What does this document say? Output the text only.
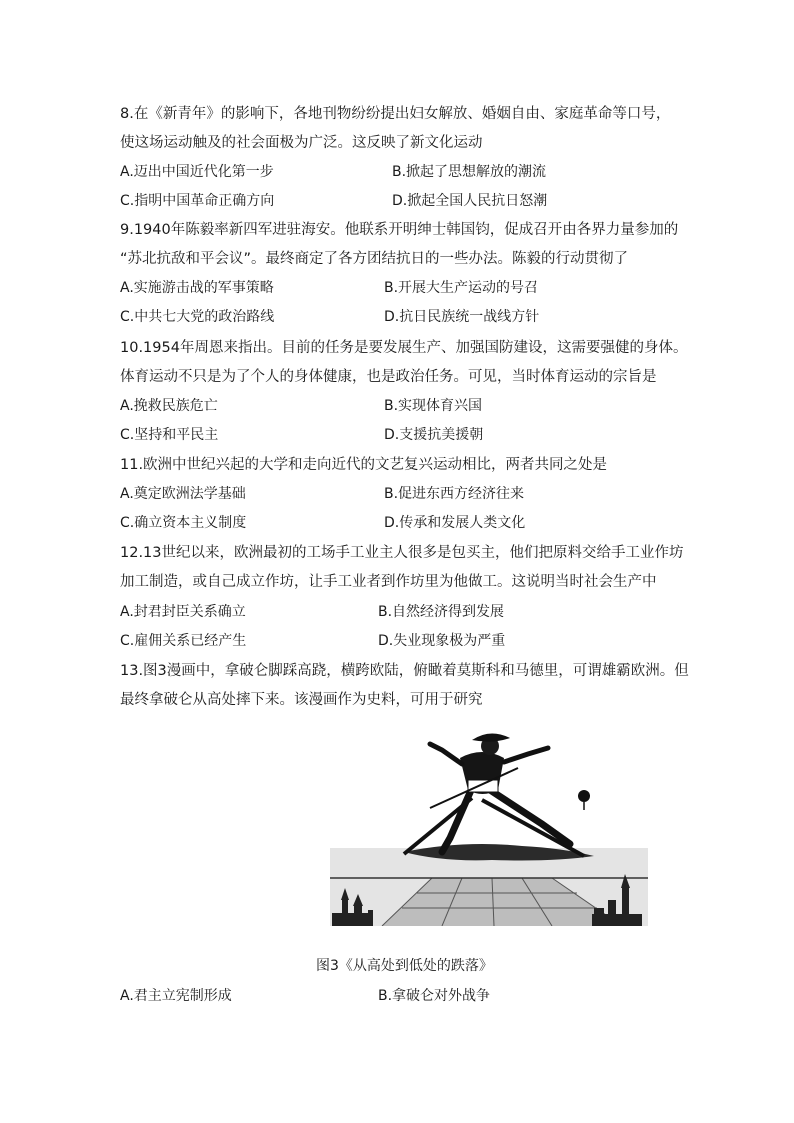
8.在《新青年》的影响下，各地刊物纷纷提出妇女解放、婚姻自由、家庭革命等口号，
使这场运动触及的社会面极为广泛。这反映了新文化运动
A.迈出中国近代化第一步	B.掀起了思想解放的潮流
C.指明中国革命正确方向	D.掀起全国人民抗日怒潮
9.1940年陈毅率新四军进驻海安。他联系开明绅士韩国钧，促成召开由各界力量参加的
“苏北抗敌和平会议”。最终商定了各方团结抗日的一些办法。陈毅的行动贯彻了
A.实施游击战的军事策略	B.开展大生产运动的号召
C.中共七大党的政治路线	D.抗日民族统一战线方针
10.1954年周恩来指出。目前的任务是要发展生产、加强国防建设，这需要强健的身体。
体育运动不只是为了个人的身体健康，也是政治任务。可见，当时体育运动的宗旨是
A.挽救民族危亡	B.实现体育兴国
C.坚持和平民主	D.支援抗美援朝
11.欧洲中世纪兴起的大学和走向近代的文艺复兴运动相比，两者共同之处是
A.奠定欧洲法学基础	B.促进东西方经济往来
C.确立资本主义制度	D.传承和发展人类文化
12.13世纪以来，欧洲最初的工场手工业主人很多是包买主，他们把原料交给手工业作坊
加工制造，或自己成立作坊，让手工业者到作坊里为他做工。这说明当时社会生产中
A.封君封臣关系确立	B.自然经济得到发展
C.雇佣关系已经产生	D.失业现象极为严重
13.图3漫画中，拿破仑脚踩高跷，横跨欧陆，俯瞰着莫斯科和马德里，可谓雄霸欧洲。但
最终拿破仑从高处摔下来。该漫画作为史料，可用于研究
图3《从高处到低处的跌落》
A.君主立宪制形成	B.拿破仑对外战争
